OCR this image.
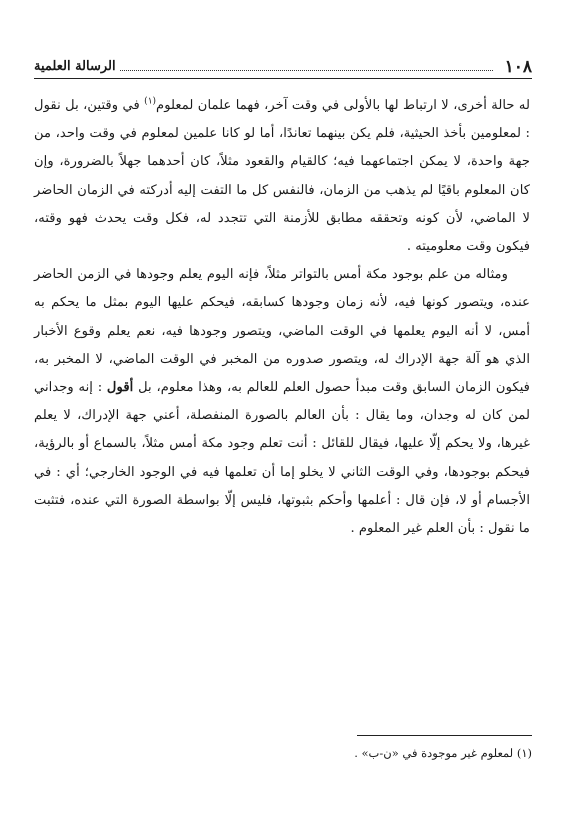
١٠٨
الرسالة العلمية

له حالة أخرى، لا ارتباط لها بالأولى في وقت آخر، فهما علمان لمعلوم$^{(١)}$ في وقتين، بل نقول : لمعلومين بأخذ الحيثية، فلم يكن بينهما تعاندًا، أما لو كانا علمين لمعلوم في وقت واحد، من جهة واحدة، لا يمكن اجتماعهما فيه؛ كالقيام والقعود مثلاً، كان أحدهما جهلاً بالضرورة، وإن كان المعلوم باقيًا لم يذهب من الزمان، فالنفس كل ما التفت إليه أدركته في الزمان الحاضر لا الماضي، لأن كونه وتحققه مطابق للأزمنة التي تتجدد له، فكل وقت يحدث فهو وقته، فيكون وقت معلوميته .

ومثاله من علم بوجود مكة أمس بالتواتر مثلاً، فإنه اليوم يعلم وجودها في الزمن الحاضر عنده، ويتصور كونها فيه، لأنه زمان وجودها كسابقه، فيحكم عليها اليوم بمثل ما يحكم به أمس، لا أنه اليوم يعلمها في الوقت الماضي، ويتصور وجودها فيه، نعم يعلم وقوع الأخبار الذي هو آلة جهة الإدراك له، ويتصور صدوره من المخبر في الوقت الماضي، لا المخبر به، فيكون الزمان السابق وقت مبدأ حصول العلم للعالم به، وهذا معلوم، بل أقول : إنه وجداني لمن كان له وجدان، وما يقال : بأن العالم بالصورة المنفصلة، أعني جهة الإدراك، لا يعلم غيرها، ولا يحكم إلّا عليها، فيقال للقائل : أنت تعلم وجود مكة أمس مثلاً، بالسماع أو بالرؤية، فيحكم بوجودها، وفي الوقت الثاني لا يخلو إما أن تعلمها فيه في الوجود الخارجي؛ أي : في الأجسام أو لا، فإن قال : أعلمها وأحكم بثبوتها، فليس إلّا بواسطة الصورة التي عنده، فتثبت ما نقول : بأن العلم غير المعلوم .

(١) لمعلوم غير موجودة في «ن-ب» .
